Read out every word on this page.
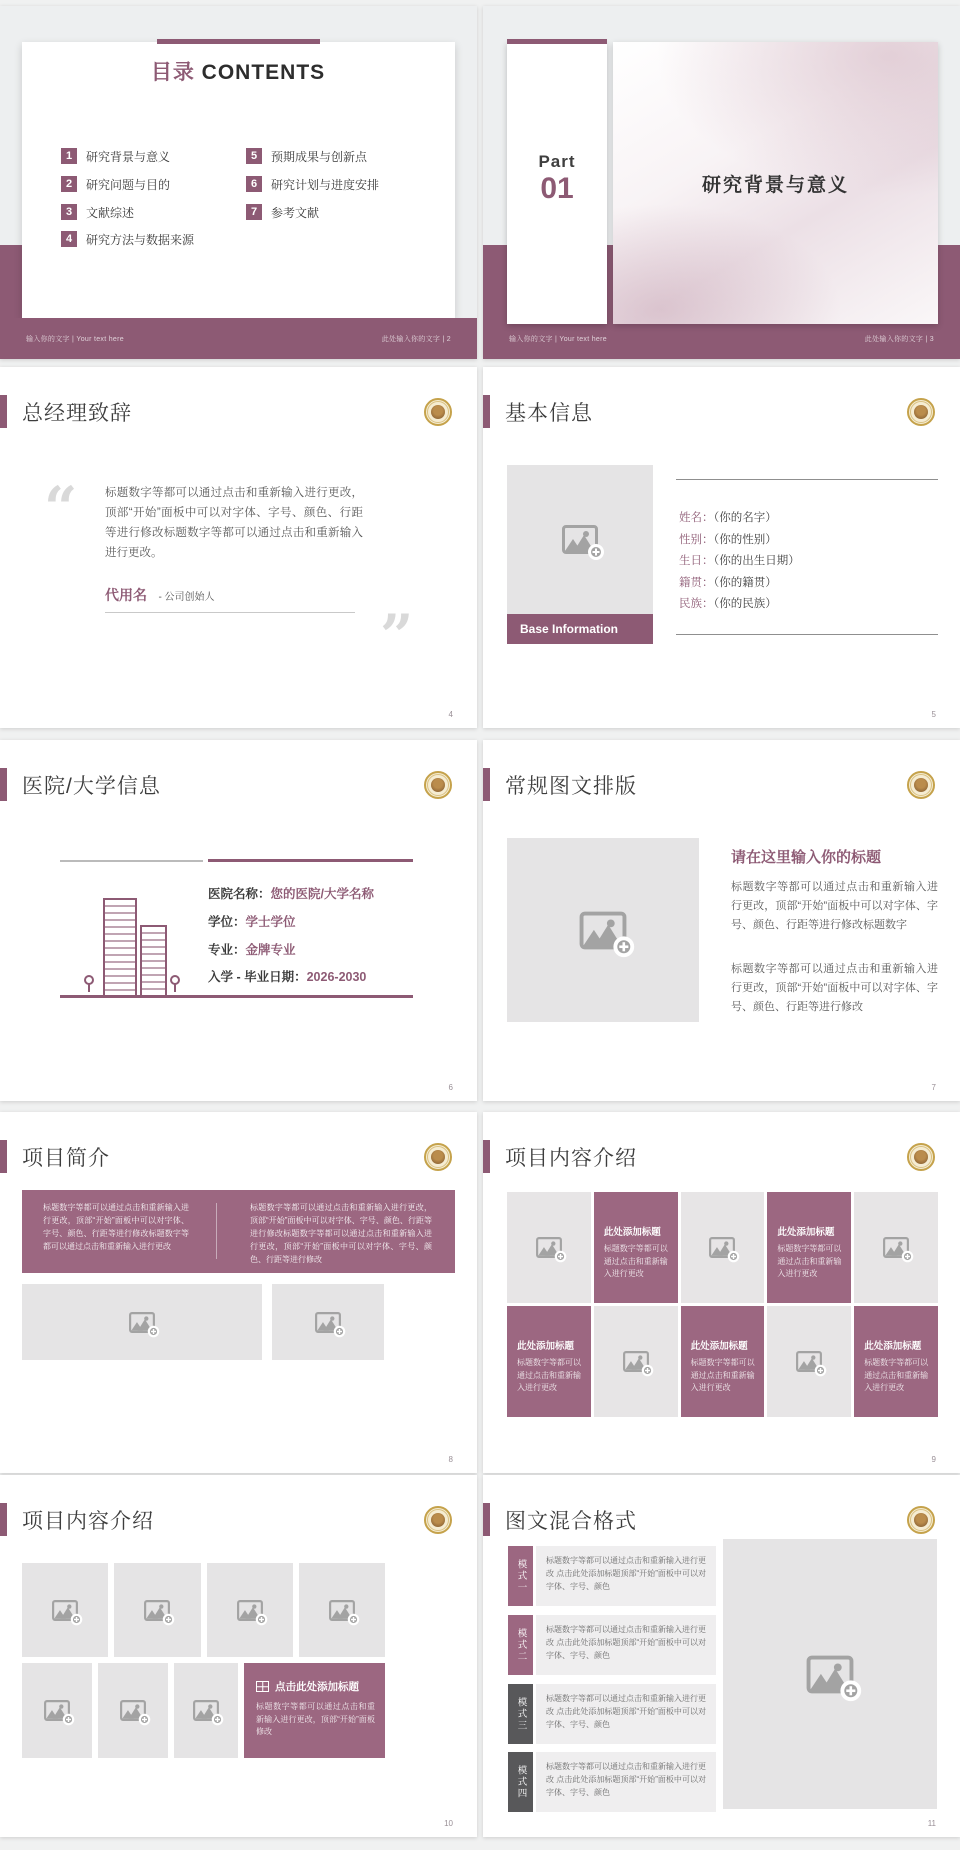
目录 CONTENTS
1	研究背景与意义
2	研究问题与目的
3	文献综述
4	研究方法与数据来源
5	预期成果与创新点
6	研究计划与进度安排
7	参考文献
输入你的文字 | Your text here	此处输入你的文字 | 2
研究背景与意义
Part
01
输入你的文字 | Your text here	此处输入你的文字 | 3
总经理致辞
“
标题数字等都可以通过点击和重新输入进行更改，顶部“开始”面板中可以对字体、字号、颜色、行距等进行修改标题数字等都可以通过点击和重新输入进行更改。
代用名 - 公司创始人
”
4
基本信息
Base Information
姓名：（你的名字）
性别：（你的性别）
生日：（你的出生日期）
籍贯：（你的籍贯）
民族：（你的民族）
5
医院/大学信息
医院名称：您的医院/大学名称
学位：学士学位
专业：金牌专业
入学 - 毕业日期：2026-2030
6
常规图文排版
请在这里输入你的标题
标题数字等都可以通过点击和重新输入进行更改，顶部“开始”面板中可以对字体、字号、颜色、行距等进行修改标题数字
标题数字等都可以通过点击和重新输入进行更改，顶部“开始”面板中可以对字体、字号、颜色、行距等进行修改
7
项目简介
标题数字等都可以通过点击和重新输入进行更改，顶部“开始”面板中可以对字体、字号、颜色、行距等进行修改标题数字等都可以通过点击和重新输入进行更改
标题数字等都可以通过点击和重新输入进行更改，顶部“开始”面板中可以对字体、字号、颜色、行距等进行修改标题数字等都可以通过点击和重新输入进行更改，顶部“开始”面板中可以对字体、字号、颜色、行距等进行修改
8
项目内容介绍
此处添加标题
标题数字等都可以通过点击和重新输入进行更改
此处添加标题
标题数字等都可以通过点击和重新输入进行更改
此处添加标题
标题数字等都可以通过点击和重新输入进行更改
此处添加标题
标题数字等都可以通过点击和重新输入进行更改
此处添加标题
标题数字等都可以通过点击和重新输入进行更改
9
项目内容介绍
点击此处添加标题
标题数字等都可以通过点击和重新输入进行更改，顶部“开始”面板修改
10
图文混合格式
模式一	标题数字等都可以通过点击和重新输入进行更改 点击此处添加标题顶部“开始”面板中可以对字体、字号、颜色
模式二	标题数字等都可以通过点击和重新输入进行更改 点击此处添加标题顶部“开始”面板中可以对字体、字号、颜色
模式三	标题数字等都可以通过点击和重新输入进行更改 点击此处添加标题顶部“开始”面板中可以对字体、字号、颜色
模式四	标题数字等都可以通过点击和重新输入进行更改 点击此处添加标题顶部“开始”面板中可以对字体、字号、颜色
11
